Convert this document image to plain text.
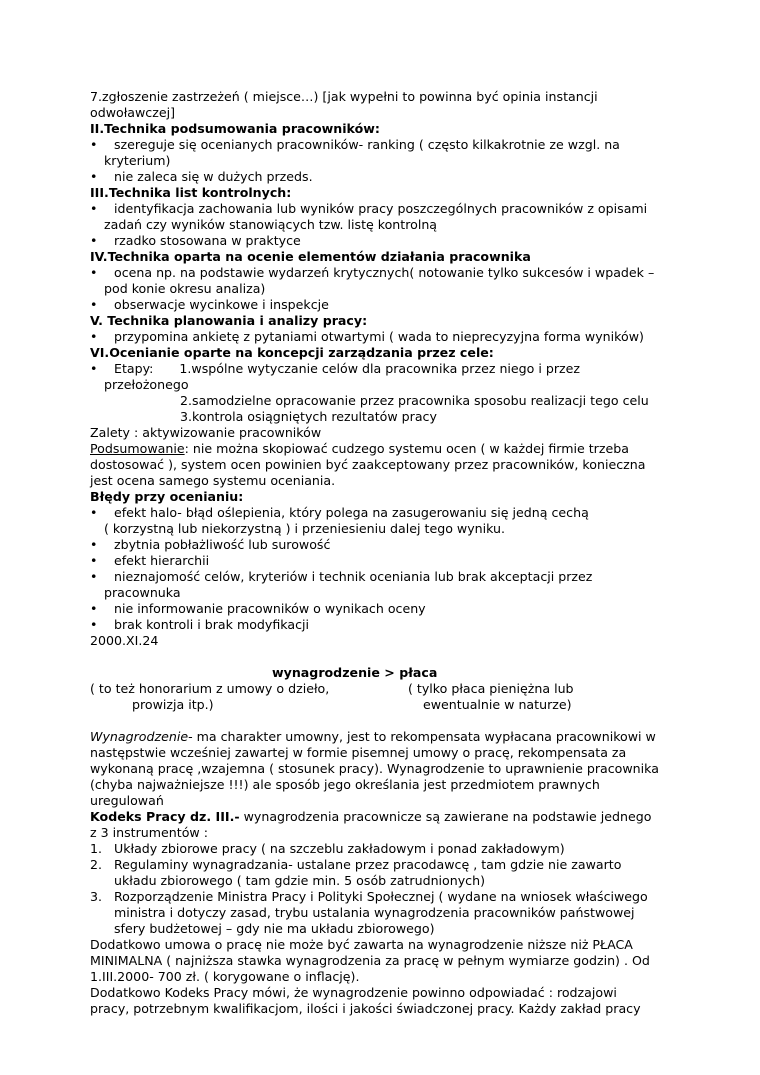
7.zgłoszenie zastrzeżeń ( miejsce…) [jak wypełni to powinna być opinia instancji
odwoławczej]
II.Technika podsumowania pracowników:
• szereguje się ocenianych pracowników- ranking ( często kilkakrotnie ze wzgl. na
kryterium)
• nie zaleca się w dużych przeds.
III.Technika list kontrolnych:
• identyfikacja zachowania lub wyników pracy poszczególnych pracowników z opisami
zadań czy wyników stanowiących tzw. listę kontrolną
• rzadko stosowana w praktyce
IV.Technika oparta na ocenie elementów działania pracownika
• ocena np. na podstawie wydarzeń krytycznych( notowanie tylko sukcesów i wpadek –
pod konie okresu analiza)
• obserwacje wycinkowe i inspekcje
V. Technika planowania i analizy pracy:
• przypomina ankietę z pytaniami otwartymi ( wada to nieprecyzyjna forma wyników)
VI.Ocenianie oparte na koncepcji zarządzania przez cele:
• Etapy: 1.wspólne wytyczanie celów dla pracownika przez niego i przez
przełożonego
2.samodzielne opracowanie przez pracownika sposobu realizacji tego celu
3.kontrola osiągniętych rezultatów pracy
Zalety : aktywizowanie pracowników
Podsumowanie: nie można skopiować cudzego systemu ocen ( w każdej firmie trzeba
dostosować ), system ocen powinien być zaakceptowany przez pracowników, konieczna
jest ocena samego systemu oceniania.
Błędy przy ocenianiu:
• efekt halo- błąd oślepienia, który polega na zasugerowaniu się jedną cechą
( korzystną lub niekorzystną ) i przeniesieniu dalej tego wyniku.
• zbytnia pobłażliwość lub surowość
• efekt hierarchii
• nieznajomość celów, kryteriów i technik oceniania lub brak akceptacji przez
pracownuka
• nie informowanie pracowników o wynikach oceny
• brak kontroli i brak modyfikacji
2000.XI.24
wynagrodzenie > płaca
( to też honorarium z umowy o dzieło,	( tylko płaca pieniężna lub
prowizja itp.)	ewentualnie w naturze)
Wynagrodzenie- ma charakter umowny, jest to rekompensata wypłacana pracownikowi w
następstwie wcześniej zawartej w formie pisemnej umowy o pracę, rekompensata za
wykonaną pracę ,wzajemna ( stosunek pracy). Wynagrodzenie to uprawnienie pracownika
(chyba najważniejsze !!!) ale sposób jego określania jest przedmiotem prawnych
uregulowań
Kodeks Pracy dz. III.- wynagrodzenia pracownicze są zawierane na podstawie jednego
z 3 instrumentów :
1. Układy zbiorowe pracy ( na szczeblu zakładowym i ponad zakładowym)
2. Regulaminy wynagradzania- ustalane przez pracodawcę , tam gdzie nie zawarto
układu zbiorowego ( tam gdzie min. 5 osób zatrudnionych)
3. Rozporządzenie Ministra Pracy i Polityki Społecznej ( wydane na wniosek właściwego
ministra i dotyczy zasad, trybu ustalania wynagrodzenia pracowników państwowej
sfery budżetowej – gdy nie ma układu zbiorowego)
Dodatkowo umowa o pracę nie może być zawarta na wynagrodzenie niższe niż PŁACA
MINIMALNA ( najniższa stawka wynagrodzenia za pracę w pełnym wymiarze godzin) . Od
1.III.2000- 700 zł. ( korygowane o inflację).
Dodatkowo Kodeks Pracy mówi, że wynagrodzenie powinno odpowiadać : rodzajowi
pracy, potrzebnym kwalifikacjom, ilości i jakości świadczonej pracy. Każdy zakład pracy
